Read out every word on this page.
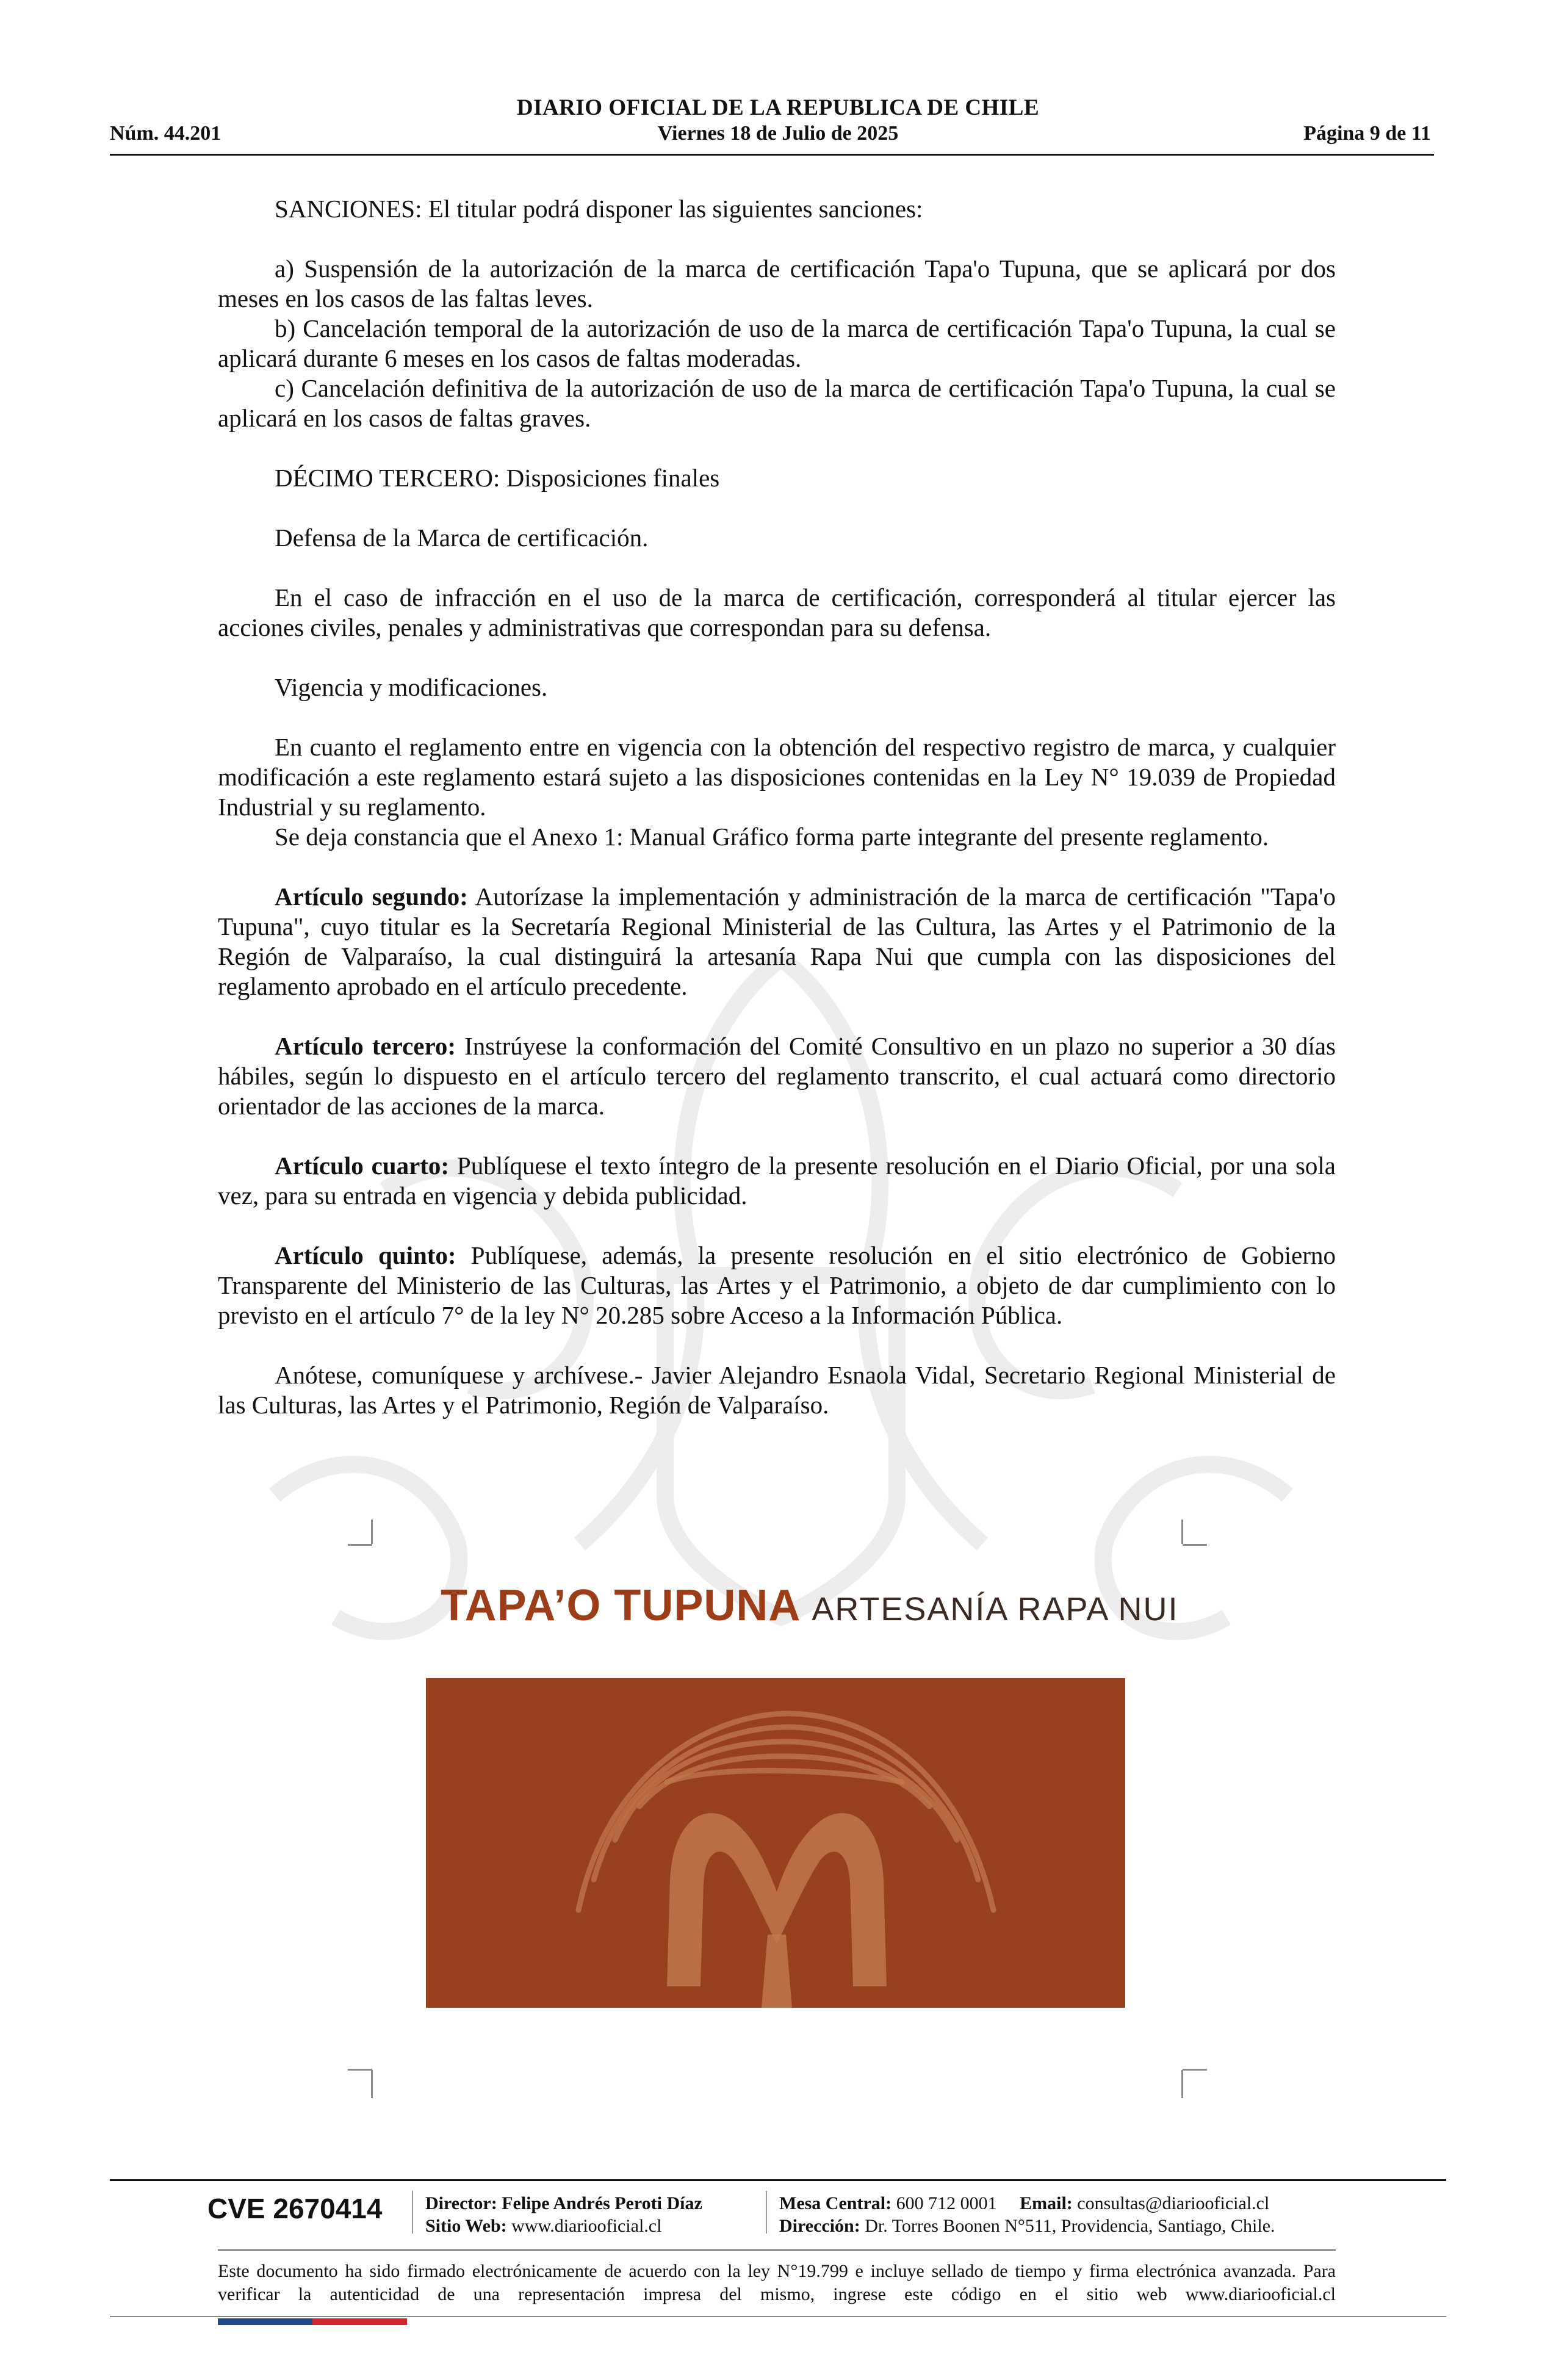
DIARIO OFICIAL DE LA REPUBLICA DE CHILE
Núm. 44.201	Viernes 18 de Julio de 2025	Página 9 de 11

SANCIONES: El titular podrá disponer las siguientes sanciones:

a) Suspensión de la autorización de la marca de certificación Tapa'o Tupuna, que se aplicará por dos meses en los casos de las faltas leves.

b) Cancelación temporal de la autorización de uso de la marca de certificación Tapa'o Tupuna, la cual se aplicará durante 6 meses en los casos de faltas moderadas.

c) Cancelación definitiva de la autorización de uso de la marca de certificación Tapa'o Tupuna, la cual se aplicará en los casos de faltas graves.

DÉCIMO TERCERO: Disposiciones finales

Defensa de la Marca de certificación.

En el caso de infracción en el uso de la marca de certificación, corresponderá al titular ejercer las acciones civiles, penales y administrativas que correspondan para su defensa.

Vigencia y modificaciones.

En cuanto el reglamento entre en vigencia con la obtención del respectivo registro de marca, y cualquier modificación a este reglamento estará sujeto a las disposiciones contenidas en la Ley N° 19.039 de Propiedad Industrial y su reglamento.

Se deja constancia que el Anexo 1: Manual Gráfico forma parte integrante del presente reglamento.

Artículo segundo: Autorízase la implementación y administración de la marca de certificación "Tapa'o Tupuna", cuyo titular es la Secretaría Regional Ministerial de las Cultura, las Artes y el Patrimonio de la Región de Valparaíso, la cual distinguirá la artesanía Rapa Nui que cumpla con las disposiciones del reglamento aprobado en el artículo precedente.

Artículo tercero: Instrúyese la conformación del Comité Consultivo en un plazo no superior a 30 días hábiles, según lo dispuesto en el artículo tercero del reglamento transcrito, el cual actuará como directorio orientador de las acciones de la marca.

Artículo cuarto: Publíquese el texto íntegro de la presente resolución en el Diario Oficial, por una sola vez, para su entrada en vigencia y debida publicidad.

Artículo quinto: Publíquese, además, la presente resolución en el sitio electrónico de Gobierno Transparente del Ministerio de las Culturas, las Artes y el Patrimonio, a objeto de dar cumplimiento con lo previsto en el artículo 7° de la ley N° 20.285 sobre Acceso a la Información Pública.

Anótese, comuníquese y archívese.- Javier Alejandro Esnaola Vidal, Secretario Regional Ministerial de las Culturas, las Artes y el Patrimonio, Región de Valparaíso.

TAPA’O TUPUNA ARTESANÍA RAPA NUI
CVE 2670414 Director: Felipe Andrés Peroti Díaz
Sitio Web: www.diariooficial.cl
Mesa Central: 600 712 0001 Email: consultas@diariooficial.cl
Dirección: Dr. Torres Boonen N°511, Providencia, Santiago, Chile.
Este documento ha sido firmado electrónicamente de acuerdo con la ley N°19.799 e incluye sellado de tiempo y firma electrónica avanzada. Para verificar la autenticidad de una representación impresa del mismo, ingrese este código en el sitio web www.diariooficial.cl
